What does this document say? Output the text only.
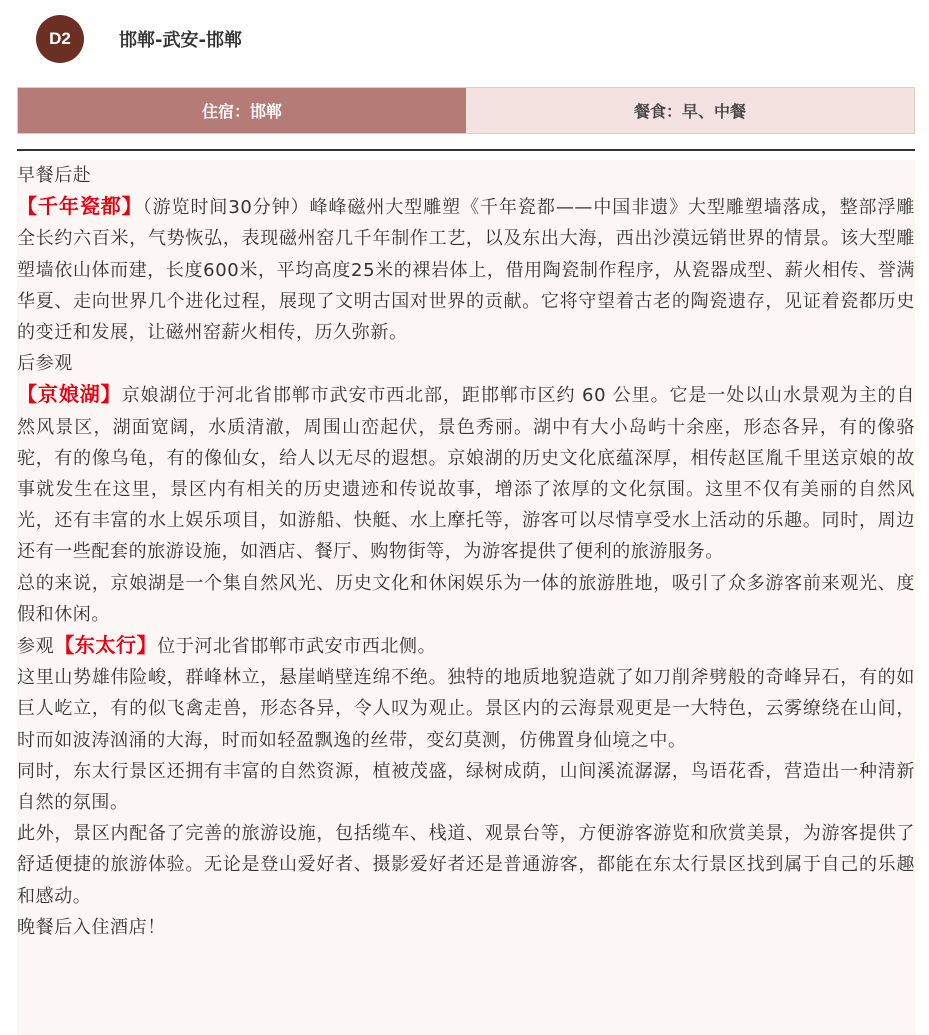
D2	邯郸-武安-邯郸
住宿：邯郸	餐食：早、中餐

早餐后赴

【千年瓷都】（游览时间30分钟）峰峰磁州大型雕塑《千年瓷都——中国非遗》大型雕塑墙落成，整部浮雕全长约六百米，气势恢弘，表现磁州窑几千年制作工艺，以及东出大海，西出沙漠远销世界的情景。该大型雕塑墙依山体而建，长度600米，平均高度25米的裸岩体上，借用陶瓷制作程序，从瓷器成型、薪火相传、誉满华夏、走向世界几个进化过程，展现了文明古国对世界的贡献。它将守望着古老的陶瓷遗存，见证着瓷都历史的变迁和发展，让磁州窑薪火相传，历久弥新。

后参观

【京娘湖】京娘湖位于河北省邯郸市武安市西北部，距邯郸市区约 60 公里。它是一处以山水景观为主的自然风景区，湖面宽阔，水质清澈，周围山峦起伏，景色秀丽。湖中有大小岛屿十余座，形态各异，有的像骆驼，有的像乌龟，有的像仙女，给人以无尽的遐想。京娘湖的历史文化底蕴深厚，相传赵匡胤千里送京娘的故事就发生在这里，景区内有相关的历史遗迹和传说故事，增添了浓厚的文化氛围。这里不仅有美丽的自然风光，还有丰富的水上娱乐项目，如游船、快艇、水上摩托等，游客可以尽情享受水上活动的乐趣。同时，周边还有一些配套的旅游设施，如酒店、餐厅、购物街等，为游客提供了便利的旅游服务。

总的来说，京娘湖是一个集自然风光、历史文化和休闲娱乐为一体的旅游胜地，吸引了众多游客前来观光、度假和休闲。

参观【东太行】位于河北省邯郸市武安市西北侧。

这里山势雄伟险峻，群峰林立，悬崖峭壁连绵不绝。独特的地质地貌造就了如刀削斧劈般的奇峰异石，有的如巨人屹立，有的似飞禽走兽，形态各异，令人叹为观止。景区内的云海景观更是一大特色，云雾缭绕在山间，时而如波涛汹涌的大海，时而如轻盈飘逸的丝带，变幻莫测，仿佛置身仙境之中。

同时，东太行景区还拥有丰富的自然资源，植被茂盛，绿树成荫，山间溪流潺潺，鸟语花香，营造出一种清新自然的氛围。

此外，景区内配备了完善的旅游设施，包括缆车、栈道、观景台等，方便游客游览和欣赏美景，为游客提供了舒适便捷的旅游体验。无论是登山爱好者、摄影爱好者还是普通游客，都能在东太行景区找到属于自己的乐趣和感动。

晚餐后入住酒店！
